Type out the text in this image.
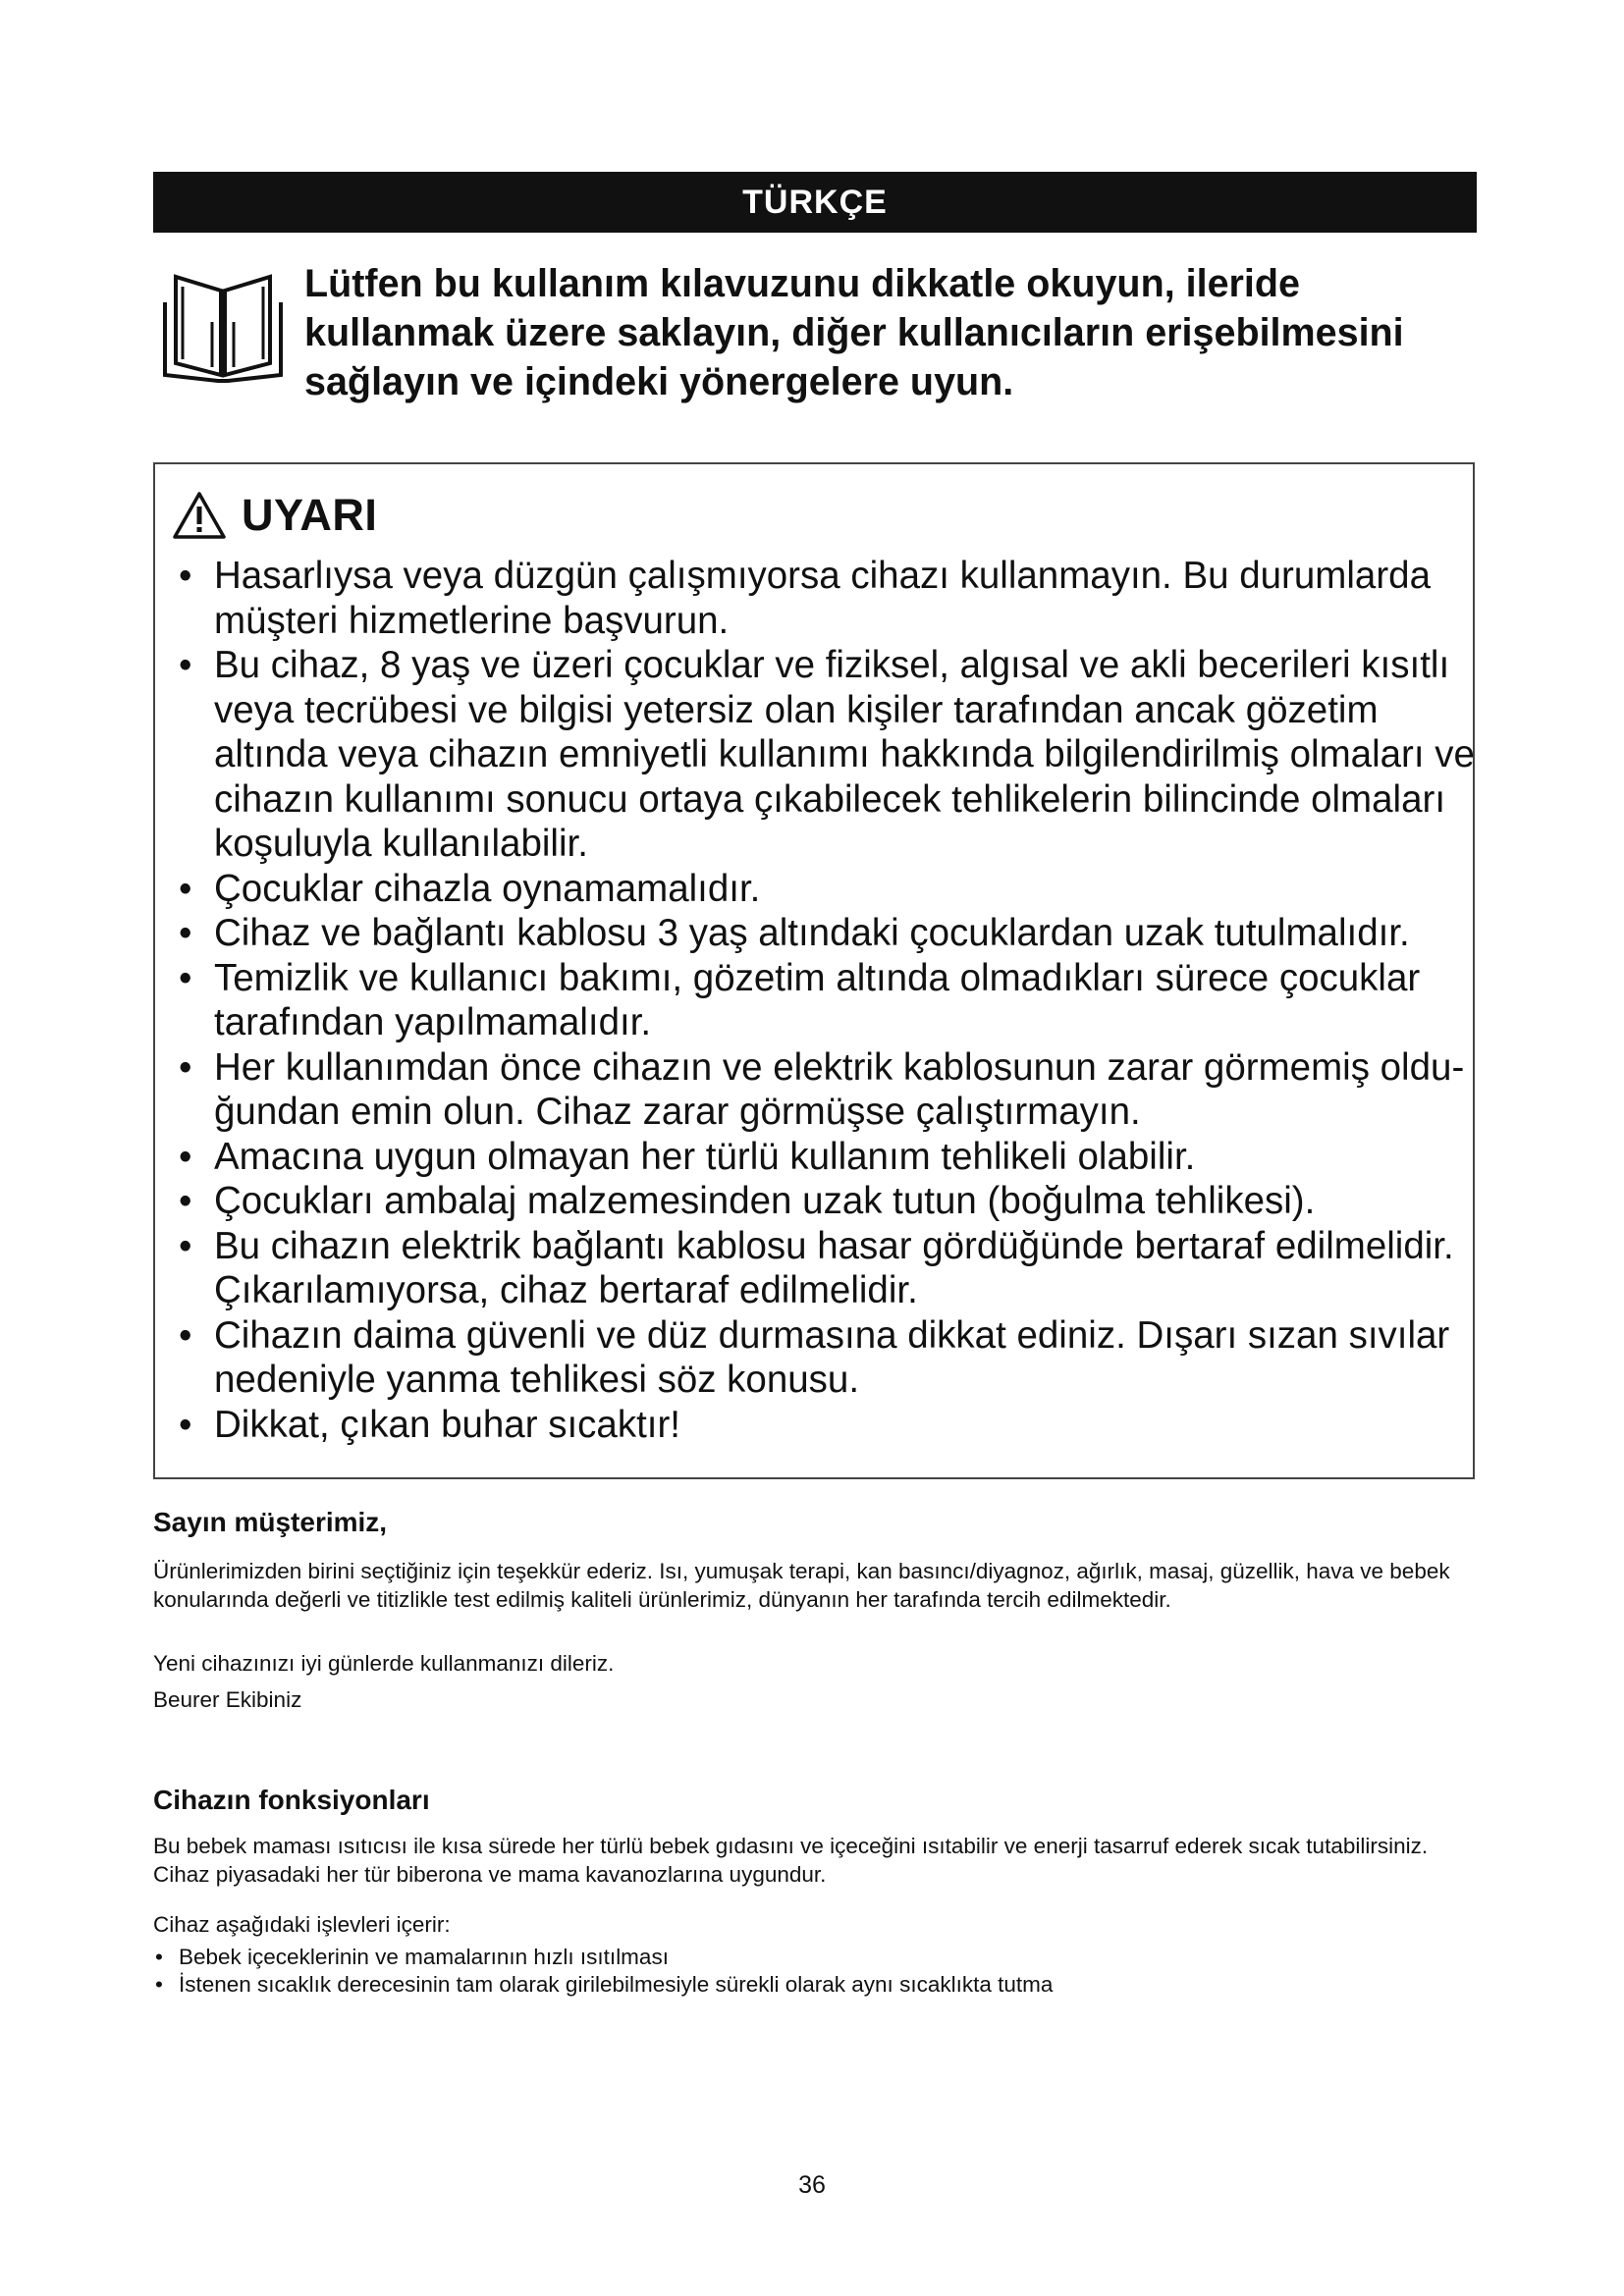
TÜRKÇE

Lütfen bu kullanım kılavuzunu dikkatle okuyun, ileride kullanmak üzere saklayın, diğer kullanıcıların erişebilmesini sağlayın ve içindeki yönergelere uyun.

UYARI
• Hasarlıysa veya düzgün çalışmıyorsa cihazı kullanmayın. Bu durumlarda müşteri hizmetlerine başvurun.
• Bu cihaz, 8 yaş ve üzeri çocuklar ve fiziksel, algısal ve akli becerileri kısıtlı veya tecrübesi ve bilgisi yetersiz olan kişiler tarafından ancak gözetim altında veya cihazın emniyetli kullanımı hakkında bilgilendirilmiş olmaları ve cihazın kullanımı sonucu ortaya çıkabilecek tehlikelerin bilincinde olmaları koşuluyla kullanılabilir.
• Çocuklar cihazla oynamamalıdır.
• Cihaz ve bağlantı kablosu 3 yaş altındaki çocuklardan uzak tutulmalıdır.
• Temizlik ve kullanıcı bakımı, gözetim altında olmadıkları sürece çocuklar tarafından yapılmamalıdır.
• Her kullanımdan önce cihazın ve elektrik kablosunun zarar görmemiş olduğundan emin olun. Cihaz zarar görmüşse çalıştırmayın.
• Amacına uygun olmayan her türlü kullanım tehlikeli olabilir.
• Çocukları ambalaj malzemesinden uzak tutun (boğulma tehlikesi).
• Bu cihazın elektrik bağlantı kablosu hasar gördüğünde bertaraf edilmelidir. Çıkarılamıyorsa, cihaz bertaraf edilmelidir.
• Cihazın daima güvenli ve düz durmasına dikkat ediniz. Dışarı sızan sıvılar nedeniyle yanma tehlikesi söz konusu.
• Dikkat, çıkan buhar sıcaktır!
Sayın müşterimiz,

Ürünlerimizden birini seçtiğiniz için teşekkür ederiz. Isı, yumuşak terapi, kan basıncı/diyagnoz, ağırlık, masaj, güzellik, hava ve bebek konularında değerli ve titizlikle test edilmiş kaliteli ürünlerimiz, dünyanın her tarafında tercih edilmektedir.

Yeni cihazınızı iyi günlerde kullanmanızı dileriz.

Beurer Ekibiniz

Cihazın fonksiyonları

Bu bebek maması ısıtıcısı ile kısa sürede her türlü bebek gıdasını ve içeceğini ısıtabilir ve enerji tasarruf ederek sıcak tutabilirsiniz. Cihaz piyasadaki her tür biberona ve mama kavanozlarına uygundur.

Cihaz aşağıdaki işlevleri içerir:

• Bebek içeceklerinin ve mamalarının hızlı ısıtılması
• İstenen sıcaklık derecesinin tam olarak girilebilmesiyle sürekli olarak aynı sıcaklıkta tutma
36
